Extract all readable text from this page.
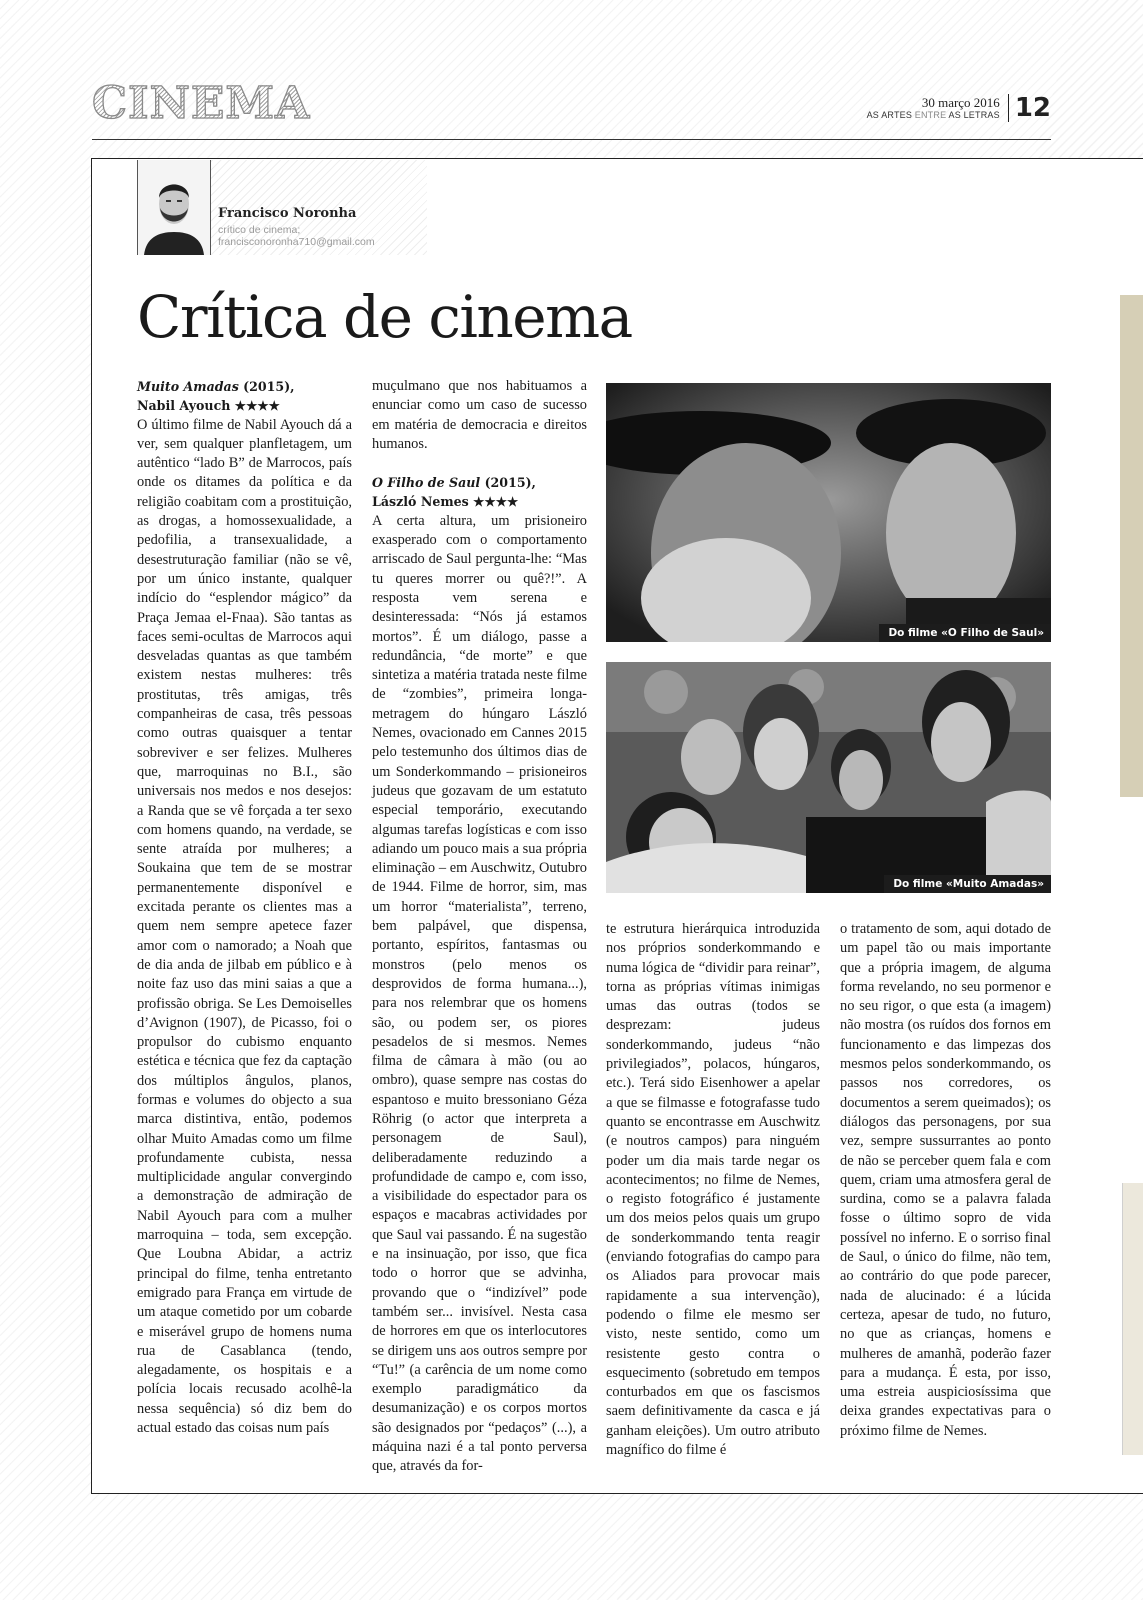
CINEMA	30 março 2016
AS ARTES ENTRE AS LETRAS 12
Francisco Noronha
crítico de cinema;
francisconoronha710@gmail.com
Crítica de cinema
Muito Amadas (2015),
Nabil Ayouch ★★★★

O último filme de Nabil Ayouch dá a ver, sem qualquer planfletagem, um autêntico “lado B” de Marrocos, país onde os ditames da política e da religião coabitam com a prostituição, as drogas, a homossexualidade, a pedofilia, a transexualidade, a desestruturação familiar (não se vê, por um único instante, qualquer indício do “esplendor mágico” da Praça Jemaa el-Fnaa). São tantas as faces semi-ocultas de Marrocos aqui desveladas quantas as que também existem nestas mulheres: três prostitutas, três amigas, três companheiras de casa, três pessoas como outras quaisquer a tentar sobreviver e ser felizes. Mulheres que, marroquinas no B.I., são universais nos medos e nos desejos: a Randa que se vê forçada a ter sexo com homens quando, na verdade, se sente atraída por mulheres; a Soukaina que tem de se mostrar permanentemente disponível e excitada perante os clientes mas a quem nem sempre apetece fazer amor com o namorado; a Noah que de dia anda de jilbab em público e à noite faz uso das mini saias a que a profissão obriga. Se Les Demoiselles d’Avignon (1907), de Picasso, foi o propulsor do cubismo enquanto estética e técnica que fez da captação dos múltiplos ângulos, planos, formas e volumes do objecto a sua marca distintiva, então, podemos olhar Muito Amadas como um filme profundamente cubista, nessa multiplicidade angular convergindo a demonstração de admiração de Nabil Ayouch para com a mulher marroquina – toda, sem excepção. Que Loubna Abidar, a actriz principal do filme, tenha entretanto emigrado para França em virtude de um ataque cometido por um cobarde e miserável grupo de homens numa rua de Casablanca (tendo, alegadamente, os hospitais e a polícia locais recusado acolhê-la nessa sequência) só diz bem do actual estado das coisas num país

muçulmano que nos habituamos a enunciar como um caso de sucesso em matéria de democracia e direitos humanos.

O Filho de Saul (2015),
László Nemes ★★★★

A certa altura, um prisioneiro exasperado com o comportamento arriscado de Saul pergunta-lhe: “Mas tu queres morrer ou quê?!”. A resposta vem serena e desinteressada: “Nós já estamos mortos”. É um diálogo, passe a redundância, “de morte” e que sintetiza a matéria tratada neste filme de “zombies”, primeira longa-metragem do húngaro László Nemes, ovacionado em Cannes 2015 pelo testemunho dos últimos dias de um Sonderkommando – prisioneiros judeus que gozavam de um estatuto especial temporário, executando algumas tarefas logísticas e com isso adiando um pouco mais a sua própria eliminação – em Auschwitz, Outubro de 1944. Filme de horror, sim, mas um horror “materialista”, terreno, bem palpável, que dispensa, portanto, espíritos, fantasmas ou monstros (pelo menos os desprovidos de forma humana...), para nos relembrar que os homens são, ou podem ser, os piores pesadelos de si mesmos. Nemes filma de câmara à mão (ou ao ombro), quase sempre nas costas do espantoso e muito bressoniano Géza Röhrig (o actor que interpreta a personagem de Saul), deliberadamente reduzindo a profundidade de campo e, com isso, a visibilidade do espectador para os espaços e macabras actividades por que Saul vai passando. É na sugestão e na insinuação, por isso, que fica todo o horror que se advinha, provando que o “indizível” pode também ser... invisível. Nesta casa de horrores em que os interlocutores se dirigem uns aos outros sempre por “Tu!” (a carência de um nome como exemplo paradigmático da desumanização) e os corpos mortos são designados por “pedaços” (...), a máquina nazi é a tal ponto perversa que, através da for-

Do filme «O Filho de Saul»
Do filme «Muito Amadas»

te estrutura hierárquica introduzida nos próprios sonderkommando e numa lógica de “dividir para reinar”, torna as próprias vítimas inimigas umas das outras (todos se desprezam: judeus sonderkommando, judeus “não privilegiados”, polacos, húngaros, etc.). Terá sido Eisenhower a apelar a que se filmasse e fotografasse tudo quanto se encontrasse em Auschwitz (e noutros campos) para ninguém poder um dia mais tarde negar os acontecimentos; no filme de Nemes, o registo fotográfico é justamente um dos meios pelos quais um grupo de sonderkommando tenta reagir (enviando fotografias do campo para os Aliados para provocar mais rapidamente a sua intervenção), podendo o filme ele mesmo ser visto, neste sentido, como um resistente gesto contra o esquecimento (sobretudo em tempos conturbados em que os fascismos saem definitivamente da casca e já ganham eleições). Um outro atributo magnífico do filme é

o tratamento de som, aqui dotado de um papel tão ou mais importante que a própria imagem, de alguma forma revelando, no seu pormenor e no seu rigor, o que esta (a imagem) não mostra (os ruídos dos fornos em funcionamento e das limpezas dos mesmos pelos sonderkommando, os passos nos corredores, os documentos a serem queimados); os diálogos das personagens, por sua vez, sempre sussurrantes ao ponto de não se perceber quem fala e com quem, criam uma atmosfera geral de surdina, como se a palavra falada fosse o último sopro de vida possível no inferno. E o sorriso final de Saul, o único do filme, não tem, ao contrário do que pode parecer, nada de alucinado: é a lúcida certeza, apesar de tudo, no futuro, no que as crianças, homens e mulheres de amanhã, poderão fazer para a mudança. É esta, por isso, uma estreia auspiciosíssima que deixa grandes expectativas para o próximo filme de Nemes.
